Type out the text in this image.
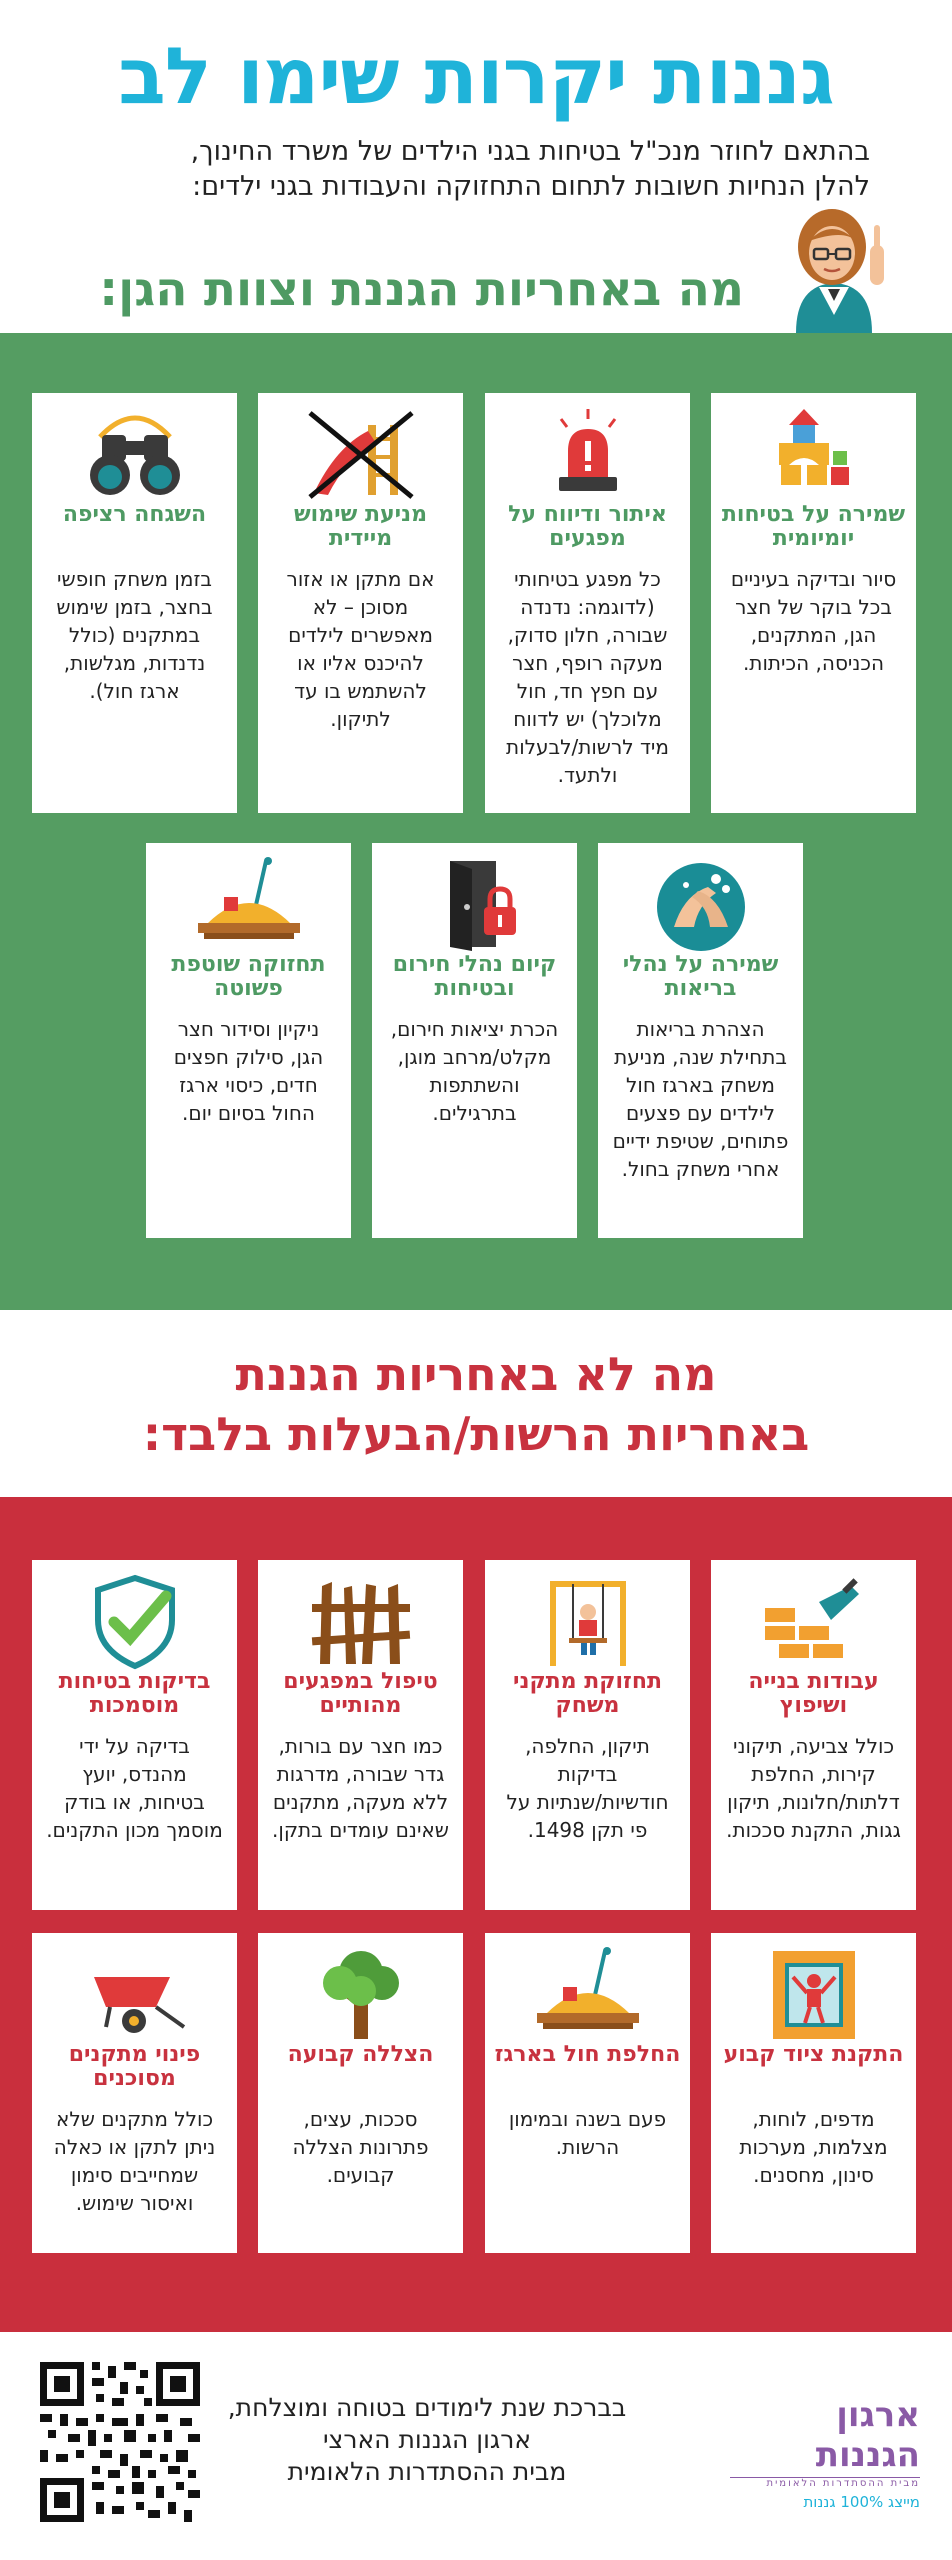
גננות יקרות שימו לב
בהתאם לחוזר מנכ"ל בטיחות בגני הילדים של משרד החינוך,
להלן הנחיות חשובות לתחום התחזוקה והעבודות בגני ילדים:
מה באחריות הגננת וצוות הגן:
שמירה על בטיחות יומיומית
סיור ובדיקה בעיניים בכל בוקר של חצר הגן, המתקנים, הכניסה, הכיתות.
איתור ודיווח על מפגעים
כל מפגע בטיחותי (לדוגמה: נדנדה שבורה, חלון סדוק, מעקה רופף, חצר עם חפץ חד, חול מלוכלך) יש לדווח מיד לרשות/לבעלות ולתעד.
מניעת שימוש מיידית
אם מתקן או אזור מסוכן – לא מאפשרים לילדים להיכנס אליו או להשתמש בו עד לתיקון.
השגחה רציפה
בזמן משחק חופשי בחצר, בזמן שימוש במתקנים (כולל נדנדות, מגלשות, ארגז חול).
שמירה על נהלי בריאות
הצהרת בריאות בתחילת שנה, מניעת משחק בארגז חול לילדים עם פצעים פתוחים, שטיפת ידיים אחרי משחק בחול.
קיום נהלי חירום ובטיחות
הכרת יציאות חירום, מקלט/מרחב מוגן, והשתתפות בתרגילים.
תחזוקה שוטפת פשוטה
ניקיון וסידור חצר הגן, סילוק חפצים חדים, כיסוי ארגז החול בסיום יום.
מה לא באחריות הגננת
באחריות הרשות/הבעלות בלבד:
עבודות בנייה ושיפוץ
כולל צביעה, תיקוני קירות, החלפת דלתות/חלונות, תיקון גגות, התקנת סככות.
תחזוקת מתקני משחק
תיקון, החלפה, בדיקות חודשיות/שנתיות על פי תקן 1498.
טיפול במפגעים מהותיים
כמו חצר עם בורות, גדר שבורה, מדרגות ללא מעקה, מתקנים שאינם עומדים בתקן.
בדיקות בטיחות מוסמכות
בדיקה על ידי מהנדס, יועץ בטיחות, או בודק מוסמך מכון התקנים.
התקנת ציוד קבוע
מדפים, לוחות, מצלמות, מערכות סינון, מחסנים.
החלפת חול בארגז
פעם בשנה ובמימון הרשות.
הצללה קבועה
סככות, עצים, פתרונות הצללה קבועים.
פינוי מתקנים מסוכנים
כולל מתקנים שלא ניתן לתקן או כאלה שמחייבים סימון ואיסור שימוש.
בברכת שנת לימודים בטוחה ומוצלחת,
ארגון הגננות הארצי
מבית ההסתדרות הלאומית
ארגון הגננות
מבית ההסתדרות הלאומית
מייצג 100% גננות
